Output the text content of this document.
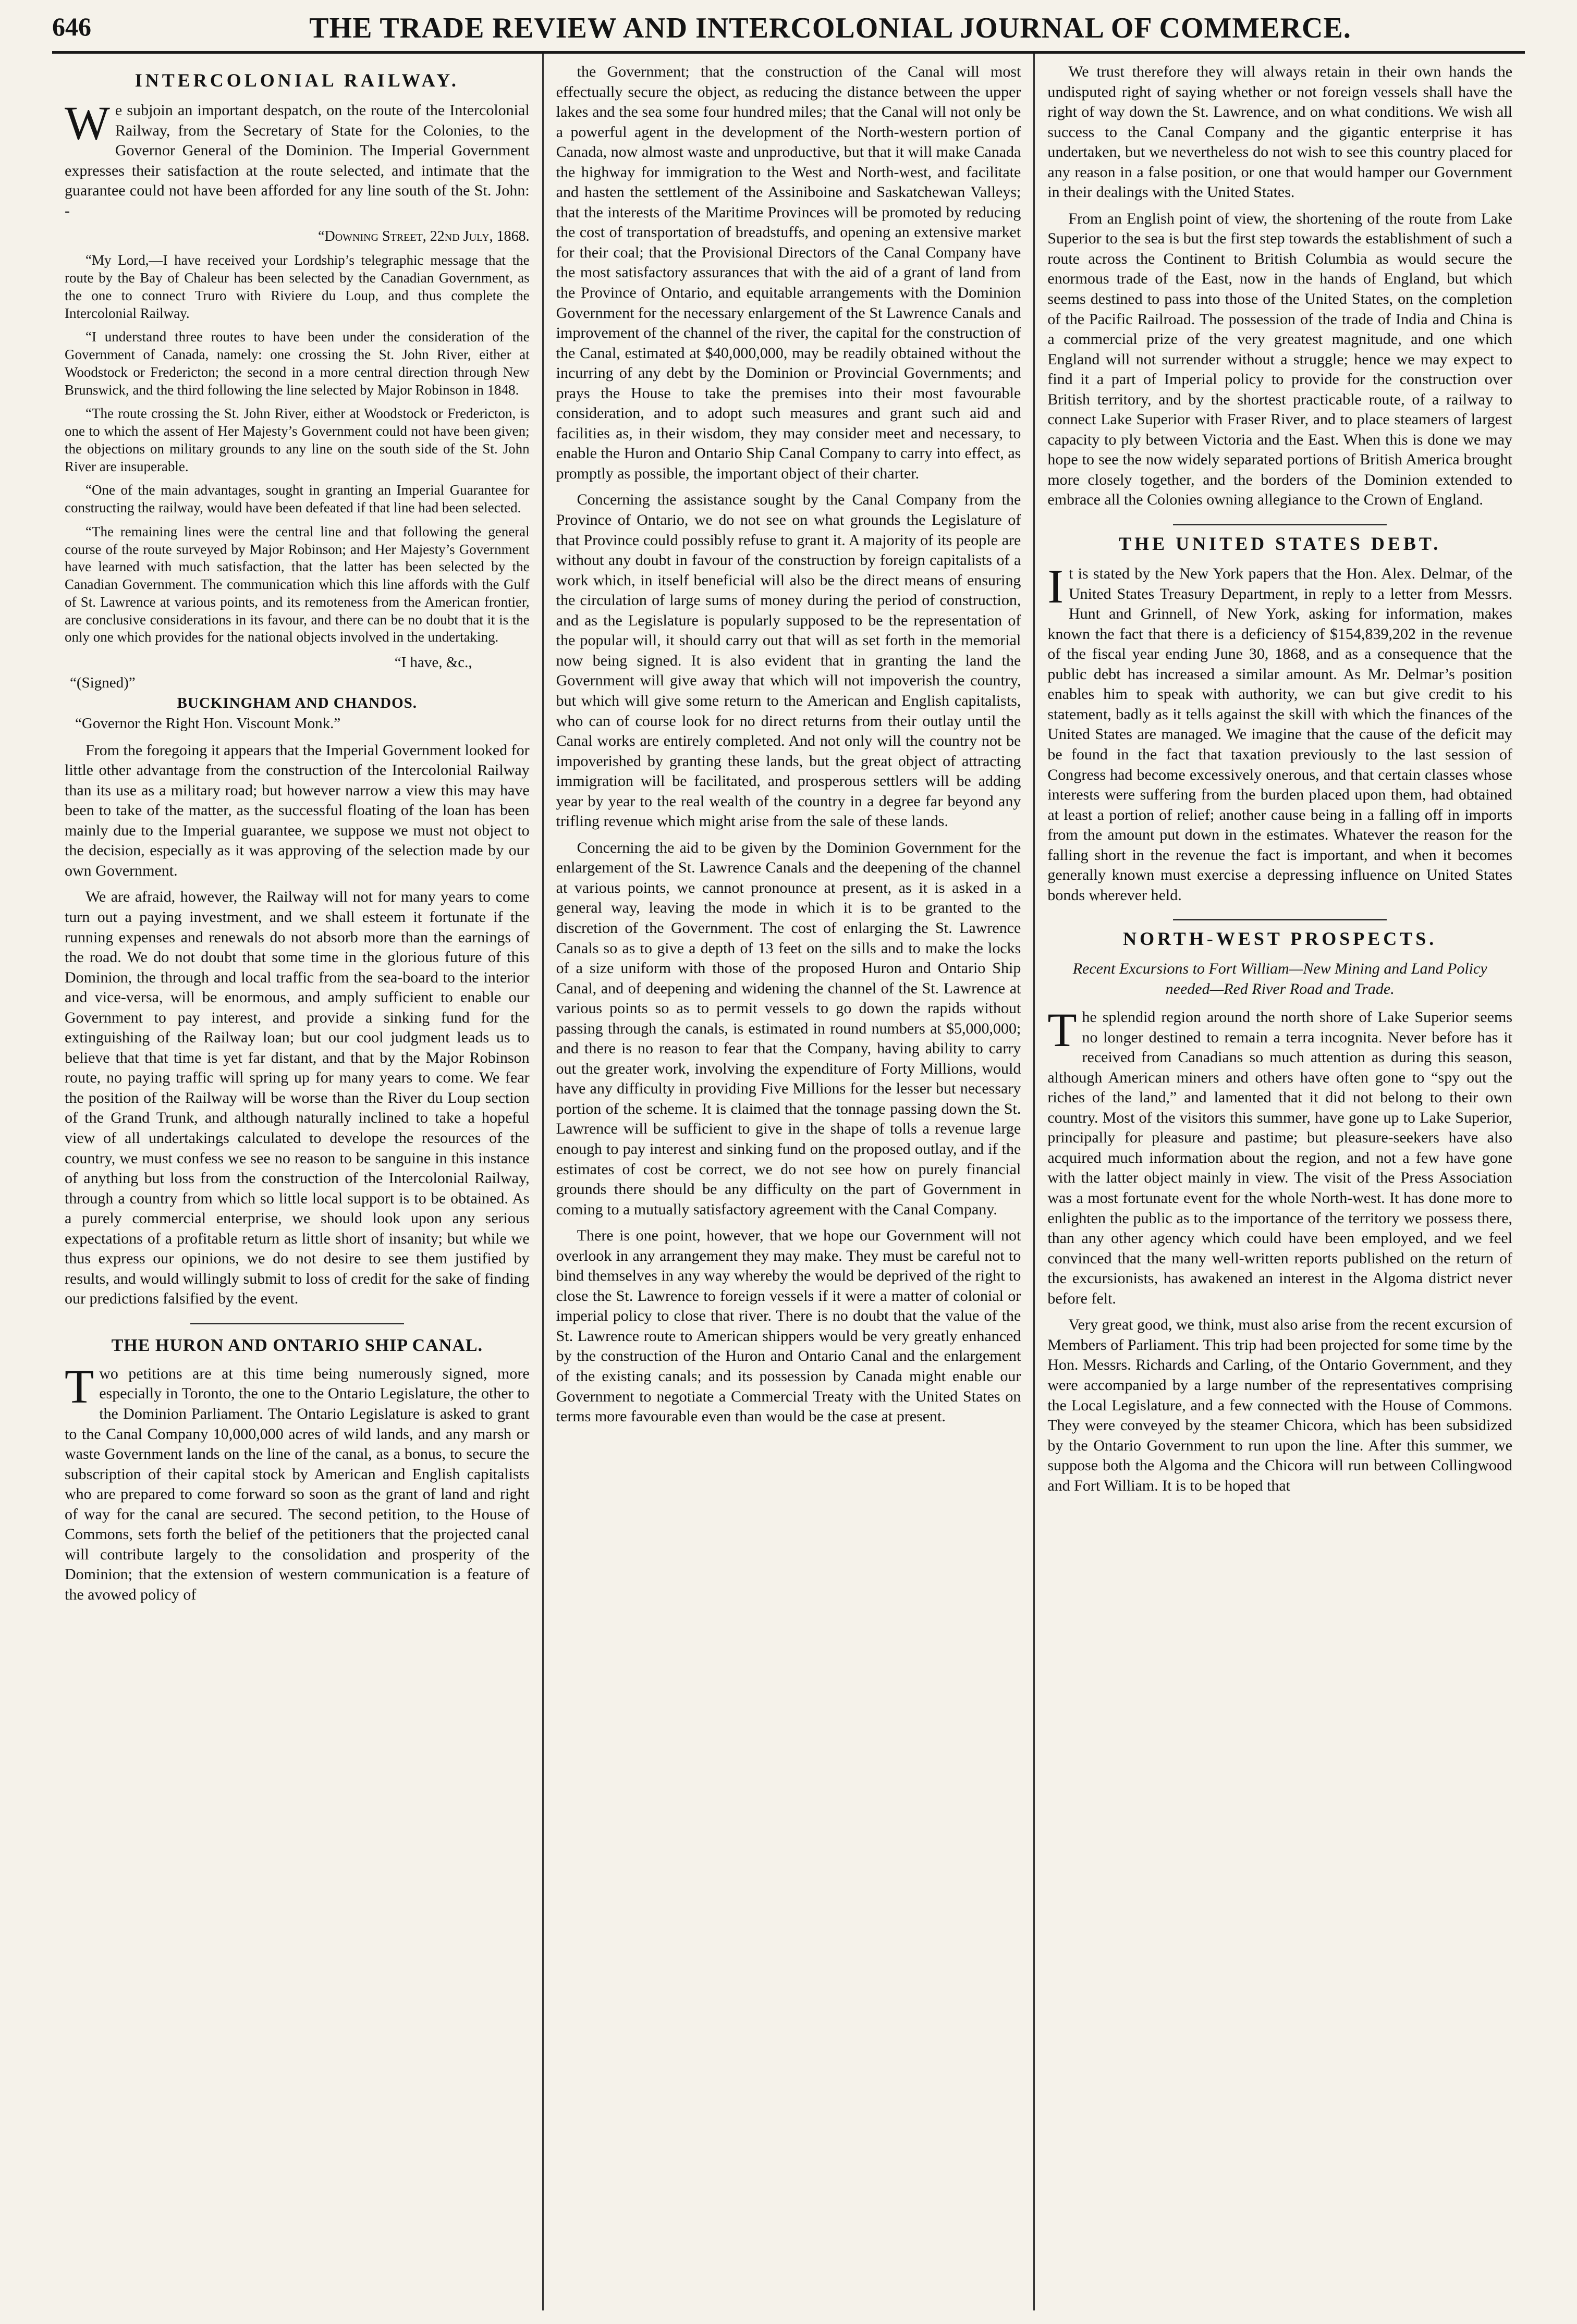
646	THE TRADE REVIEW AND INTERCOLONIAL JOURNAL OF COMMERCE.
INTERCOLONIAL RAILWAY.

We subjoin an important despatch, on the route of the Intercolonial Railway, from the Secretary of State for the Colonies, to the Governor General of the Dominion. The Imperial Government expresses their satisfaction at the route selected, and intimate that the guarantee could not have been afforded for any line south of the St. John: -

“Downing Street, 22nd July, 1868.

“My Lord,—I have received your Lordship’s telegraphic message that the route by the Bay of Chaleur has been selected by the Canadian Government, as the one to connect Truro with Riviere du Loup, and thus complete the Intercolonial Railway.

“I understand three routes to have been under the consideration of the Government of Canada, namely: one crossing the St. John River, either at Woodstock or Fredericton; the second in a more central direction through New Brunswick, and the third following the line selected by Major Robinson in 1848.

“The route crossing the St. John River, either at Woodstock or Fredericton, is one to which the assent of Her Majesty’s Government could not have been given; the objections on military grounds to any line on the south side of the St. John River are insuperable.

“One of the main advantages, sought in granting an Imperial Guarantee for constructing the railway, would have been defeated if that line had been selected.

“The remaining lines were the central line and that following the general course of the route surveyed by Major Robinson; and Her Majesty’s Government have learned with much satisfaction, that the latter has been selected by the Canadian Government. The communication which this line affords with the Gulf of St. Lawrence at various points, and its remoteness from the American frontier, are conclusive considerations in its favour, and there can be no doubt that it is the only one which provides for the national objects involved in the undertaking.

“I have, &c.,
“(Signed)”
BUCKINGHAM AND CHANDOS.
“Governor the Right Hon. Viscount Monk.”

From the foregoing it appears that the Imperial Government looked for little other advantage from the construction of the Intercolonial Railway than its use as a military road; but however narrow a view this may have been to take of the matter, as the successful floating of the loan has been mainly due to the Imperial guarantee, we suppose we must not object to the decision, especially as it was approving of the selection made by our own Government.

We are afraid, however, the Railway will not for many years to come turn out a paying investment, and we shall esteem it fortunate if the running expenses and renewals do not absorb more than the earnings of the road. We do not doubt that some time in the glorious future of this Dominion, the through and local traffic from the sea-board to the interior and vice-versa, will be enormous, and amply sufficient to enable our Government to pay interest, and provide a sinking fund for the extinguishing of the Railway loan; but our cool judgment leads us to believe that that time is yet far distant, and that by the Major Robinson route, no paying traffic will spring up for many years to come. We fear the position of the Railway will be worse than the River du Loup section of the Grand Trunk, and although naturally inclined to take a hopeful view of all undertakings calculated to develope the resources of the country, we must confess we see no reason to be sanguine in this instance of anything but loss from the construction of the Intercolonial Railway, through a country from which so little local support is to be obtained. As a purely commercial enterprise, we should look upon any serious expectations of a profitable return as little short of insanity; but while we thus express our opinions, we do not desire to see them justified by results, and would willingly submit to loss of credit for the sake of finding our predictions falsified by the event.

THE HURON AND ONTARIO SHIP CANAL.

Two petitions are at this time being numerously signed, more especially in Toronto, the one to the Ontario Legislature, the other to the Dominion Parliament. The Ontario Legislature is asked to grant to the Canal Company 10,000,000 acres of wild lands, and any marsh or waste Government lands on the line of the canal, as a bonus, to secure the subscription of their capital stock by American and English capitalists who are prepared to come forward so soon as the grant of land and right of way for the canal are secured. The second petition, to the House of Commons, sets forth the belief of the petitioners that the projected canal will contribute largely to the consolidation and prosperity of the Dominion; that the extension of western communication is a feature of the avowed policy of

the Government; that the construction of the Canal will most effectually secure the object, as reducing the distance between the upper lakes and the sea some four hundred miles; that the Canal will not only be a powerful agent in the development of the North-western portion of Canada, now almost waste and unproductive, but that it will make Canada the highway for immigration to the West and North-west, and facilitate and hasten the settlement of the Assiniboine and Saskatchewan Valleys; that the interests of the Maritime Provinces will be promoted by reducing the cost of transportation of breadstuffs, and opening an extensive market for their coal; that the Provisional Directors of the Canal Company have the most satisfactory assurances that with the aid of a grant of land from the Province of Ontario, and equitable arrangements with the Dominion Government for the necessary enlargement of the St Lawrence Canals and improvement of the channel of the river, the capital for the construction of the Canal, estimated at $40,000,000, may be readily obtained without the incurring of any debt by the Dominion or Provincial Governments; and prays the House to take the premises into their most favourable consideration, and to adopt such measures and grant such aid and facilities as, in their wisdom, they may consider meet and necessary, to enable the Huron and Ontario Ship Canal Company to carry into effect, as promptly as possible, the important object of their charter.

Concerning the assistance sought by the Canal Company from the Province of Ontario, we do not see on what grounds the Legislature of that Province could possibly refuse to grant it. A majority of its people are without any doubt in favour of the construction by foreign capitalists of a work which, in itself beneficial will also be the direct means of ensuring the circulation of large sums of money during the period of construction, and as the Legislature is popularly supposed to be the representation of the popular will, it should carry out that will as set forth in the memorial now being signed. It is also evident that in granting the land the Government will give away that which will not impoverish the country, but which will give some return to the American and English capitalists, who can of course look for no direct returns from their outlay until the Canal works are entirely completed. And not only will the country not be impoverished by granting these lands, but the great object of attracting immigration will be facilitated, and prosperous settlers will be adding year by year to the real wealth of the country in a degree far beyond any trifling revenue which might arise from the sale of these lands.

Concerning the aid to be given by the Dominion Government for the enlargement of the St. Lawrence Canals and the deepening of the channel at various points, we cannot pronounce at present, as it is asked in a general way, leaving the mode in which it is to be granted to the discretion of the Government. The cost of enlarging the St. Lawrence Canals so as to give a depth of 13 feet on the sills and to make the locks of a size uniform with those of the proposed Huron and Ontario Ship Canal, and of deepening and widening the channel of the St. Lawrence at various points so as to permit vessels to go down the rapids without passing through the canals, is estimated in round numbers at $5,000,000; and there is no reason to fear that the Company, having ability to carry out the greater work, involving the expenditure of Forty Millions, would have any difficulty in providing Five Millions for the lesser but necessary portion of the scheme. It is claimed that the tonnage passing down the St. Lawrence will be sufficient to give in the shape of tolls a revenue large enough to pay interest and sinking fund on the proposed outlay, and if the estimates of cost be correct, we do not see how on purely financial grounds there should be any difficulty on the part of Government in coming to a mutually satisfactory agreement with the Canal Company.

There is one point, however, that we hope our Government will not overlook in any arrangement they may make. They must be careful not to bind themselves in any way whereby the would be deprived of the right to close the St. Lawrence to foreign vessels if it were a matter of colonial or imperial policy to close that river. There is no doubt that the value of the St. Lawrence route to American shippers would be very greatly enhanced by the construction of the Huron and Ontario Canal and the enlargement of the existing canals; and its possession by Canada might enable our Government to negotiate a Commercial Treaty with the United States on terms more favourable even than would be the case at present.

We trust therefore they will always retain in their own hands the undisputed right of saying whether or not foreign vessels shall have the right of way down the St. Lawrence, and on what conditions. We wish all success to the Canal Company and the gigantic enterprise it has undertaken, but we nevertheless do not wish to see this country placed for any reason in a false position, or one that would hamper our Government in their dealings with the United States.

From an English point of view, the shortening of the route from Lake Superior to the sea is but the first step towards the establishment of such a route across the Continent to British Columbia as would secure the enormous trade of the East, now in the hands of England, but which seems destined to pass into those of the United States, on the completion of the Pacific Railroad. The possession of the trade of India and China is a commercial prize of the very greatest magnitude, and one which England will not surrender without a struggle; hence we may expect to find it a part of Imperial policy to provide for the construction over British territory, and by the shortest practicable route, of a railway to connect Lake Superior with Fraser River, and to place steamers of largest capacity to ply between Victoria and the East. When this is done we may hope to see the now widely separated portions of British America brought more closely together, and the borders of the Dominion extended to embrace all the Colonies owning allegiance to the Crown of England.

THE UNITED STATES DEBT.

It is stated by the New York papers that the Hon. Alex. Delmar, of the United States Treasury Department, in reply to a letter from Messrs. Hunt and Grinnell, of New York, asking for information, makes known the fact that there is a deficiency of $154,839,202 in the revenue of the fiscal year ending June 30, 1868, and as a consequence that the public debt has increased a similar amount. As Mr. Delmar’s position enables him to speak with authority, we can but give credit to his statement, badly as it tells against the skill with which the finances of the United States are managed. We imagine that the cause of the deficit may be found in the fact that taxation previously to the last session of Congress had become excessively onerous, and that certain classes whose interests were suffering from the burden placed upon them, had obtained at least a portion of relief; another cause being in a falling off in imports from the amount put down in the estimates. Whatever the reason for the falling short in the revenue the fact is important, and when it becomes generally known must exercise a depressing influence on United States bonds wherever held.

NORTH-WEST PROSPECTS.
Recent Excursions to Fort William—New Mining and Land Policy needed—Red River Road and Trade.

The splendid region around the north shore of Lake Superior seems no longer destined to remain a terra incognita. Never before has it received from Canadians so much attention as during this season, although American miners and others have often gone to “spy out the riches of the land,” and lamented that it did not belong to their own country. Most of the visitors this summer, have gone up to Lake Superior, principally for pleasure and pastime; but pleasure-seekers have also acquired much information about the region, and not a few have gone with the latter object mainly in view. The visit of the Press Association was a most fortunate event for the whole North-west. It has done more to enlighten the public as to the importance of the territory we possess there, than any other agency which could have been employed, and we feel convinced that the many well-written reports published on the return of the excursionists, has awakened an interest in the Algoma district never before felt.

Very great good, we think, must also arise from the recent excursion of Members of Parliament. This trip had been projected for some time by the Hon. Messrs. Richards and Carling, of the Ontario Government, and they were accompanied by a large number of the representatives comprising the Local Legislature, and a few connected with the House of Commons. They were conveyed by the steamer Chicora, which has been subsidized by the Ontario Government to run upon the line. After this summer, we suppose both the Algoma and the Chicora will run between Collingwood and Fort William. It is to be hoped that
